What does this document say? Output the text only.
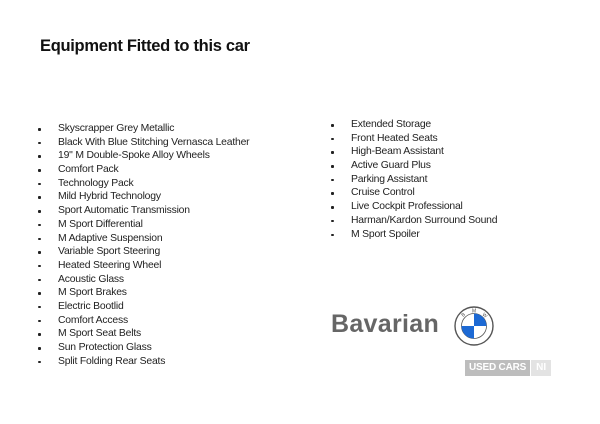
Equipment Fitted to this car
Skyscrapper Grey Metallic
Black With Blue Stitching Vernasca Leather
19" M Double-Spoke Alloy Wheels
Comfort Pack
Technology Pack
Mild Hybrid Technology
Sport Automatic Transmission
M Sport Differential
M Adaptive Suspension
Variable Sport Steering
Heated Steering Wheel
Acoustic Glass
M Sport Brakes
Electric Bootlid
Comfort Access
M Sport Seat Belts
Sun Protection Glass
Split Folding Rear Seats
Extended Storage
Front Heated Seats
High-Beam Assistant
Active Guard Plus
Parking Assistant
Cruise Control
Live Cockpit Professional
Harman/Kardon Surround Sound
M Sport Spoiler
Bavarian	B
M
W
USED CARS	NI
